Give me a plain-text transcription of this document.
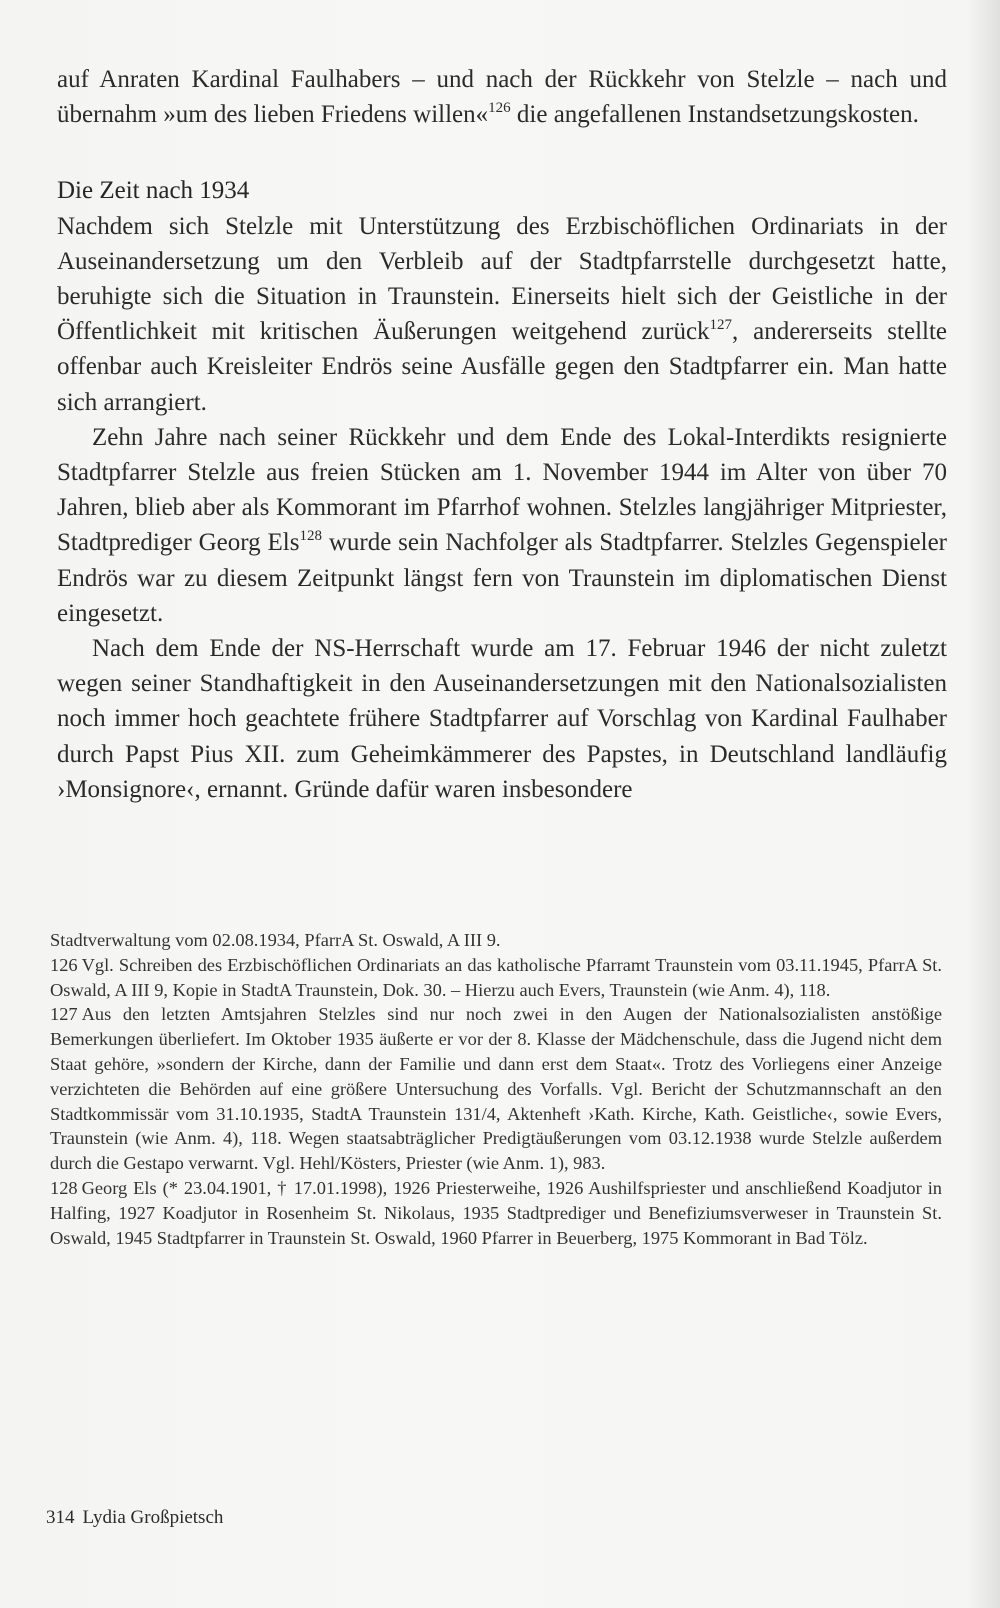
auf Anraten Kardinal Faulhabers – und nach der Rückkehr von Stelzle – nach und übernahm »um des lieben Friedens willen«$^{126}$ die angefallenen Instandsetzungskosten.

Die Zeit nach 1934

Nachdem sich Stelzle mit Unterstützung des Erzbischöflichen Ordinariats in der Auseinandersetzung um den Verbleib auf der Stadtpfarrstelle durchgesetzt hatte, beruhigte sich die Situation in Traunstein. Einerseits hielt sich der Geistliche in der Öffentlichkeit mit kritischen Äußerungen weitgehend zurück$^{127}$, andererseits stellte offenbar auch Kreisleiter Endrös seine Ausfälle gegen den Stadtpfarrer ein. Man hatte sich arrangiert.

Zehn Jahre nach seiner Rückkehr und dem Ende des Lokal-Interdikts resignierte Stadtpfarrer Stelzle aus freien Stücken am 1. November 1944 im Alter von über 70 Jahren, blieb aber als Kommorant im Pfarrhof wohnen. Stelzles langjähriger Mitpriester, Stadtprediger Georg Els$^{128}$ wurde sein Nachfolger als Stadtpfarrer. Stelzles Gegenspieler Endrös war zu diesem Zeitpunkt längst fern von Traunstein im diplomatischen Dienst eingesetzt.

Nach dem Ende der NS-Herrschaft wurde am 17. Februar 1946 der nicht zuletzt wegen seiner Standhaftigkeit in den Auseinandersetzungen mit den Nationalsozialisten noch immer hoch geachtete frühere Stadtpfarrer auf Vorschlag von Kardinal Faulhaber durch Papst Pius XII. zum Geheimkämmerer des Papstes, in Deutschland landläufig ›Monsignore‹, ernannt. Gründe dafür waren insbesondere

Stadtverwaltung vom 02.08.1934, PfarrA St. Oswald, A III 9.

126 Vgl. Schreiben des Erzbischöflichen Ordinariats an das katholische Pfarramt Traunstein vom 03.11.1945, PfarrA St. Oswald, A III 9, Kopie in StadtA Traunstein, Dok. 30. – Hierzu auch Evers, Traunstein (wie Anm. 4), 118.

127 Aus den letzten Amtsjahren Stelzles sind nur noch zwei in den Augen der Nationalsozialisten anstößige Bemerkungen überliefert. Im Oktober 1935 äußerte er vor der 8. Klasse der Mädchenschule, dass die Jugend nicht dem Staat gehöre, »sondern der Kirche, dann der Familie und dann erst dem Staat«. Trotz des Vorliegens einer Anzeige verzichteten die Behörden auf eine größere Untersuchung des Vorfalls. Vgl. Bericht der Schutzmannschaft an den Stadtkommissär vom 31.10.1935, StadtA Traunstein 131/4, Aktenheft ›Kath. Kirche, Kath. Geistliche‹, sowie Evers, Traunstein (wie Anm. 4), 118. Wegen staatsabträglicher Predigtäußerungen vom 03.12.1938 wurde Stelzle außerdem durch die Gestapo verwarnt. Vgl. Hehl/Kösters, Priester (wie Anm. 1), 983.

128 Georg Els (* 23.04.1901, † 17.01.1998), 1926 Priesterweihe, 1926 Aushilfspriester und anschließend Koadjutor in Halfing, 1927 Koadjutor in Rosenheim St. Nikolaus, 1935 Stadtprediger und Benefiziumsverweser in Traunstein St. Oswald, 1945 Stadtpfarrer in Traunstein St. Oswald, 1960 Pfarrer in Beuerberg, 1975 Kommorant in Bad Tölz.

314 Lydia Großpietsch
